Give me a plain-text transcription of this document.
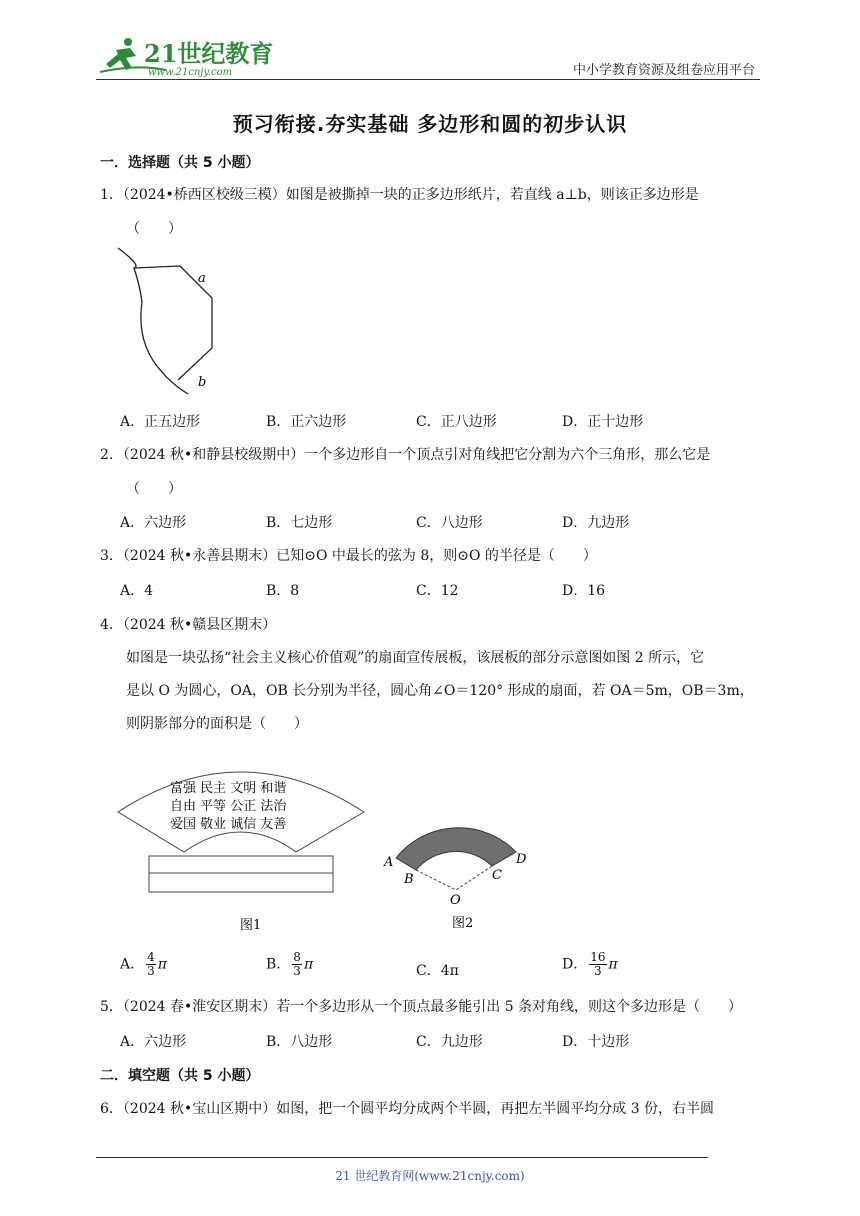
21世纪教育
www.21cnjy.com	中小学教育资源及组卷应用平台
预习衔接.夯实基础 多边形和圆的初步认识
一．选择题（共 5 小题）
1．（2024•桥西区校级三模）如图是被撕掉一块的正多边形纸片，若直线 a⊥b，则该正多边形是
（　　）
a
b
A．正五边形	B．正六边形	C．正八边形	D．正十边形
2．（2024 秋•和静县校级期中）一个多边形自一个顶点引对角线把它分割为六个三角形，那么它是
（　　）
A．六边形	B．七边形	C．八边形	D．九边形
3．（2024 秋•永善县期末）已知⊙O 中最长的弦为 8，则⊙O 的半径是（　　）
A．4	B．8	C．12	D．16
4．（2024 秋•赣县区期末）
如图是一块弘扬“社会主义核心价值观”的扇面宣传展板，该展板的部分示意图如图 2 所示，它
是以 O 为圆心，OA，OB 长分别为半径，圆心角∠O＝120° 形成的扇面，若 OA＝5m，OB＝3m，
则阴影部分的面积是（　　）
富强 民主 文明 和谐
自由 平等 公正 法治
爱国 敬业 诚信 友善
图1
A
B	C
D
O
图2
A． $\frac{4}{3}$ π	B． $\frac{8}{3}$ π	C．4π	D． $\frac{16}{3}$ π
5．（2024 春•淮安区期末）若一个多边形从一个顶点最多能引出 5 条对角线，则这个多边形是（　　）
A．六边形	B．八边形	C．九边形	D．十边形
二．填空题（共 5 小题）
6．（2024 秋•宝山区期中）如图，把一个圆平均分成两个半圆，再把左半圆平均分成 3 份，右半圆
21 世纪教育网(www.21cnjy.com)
